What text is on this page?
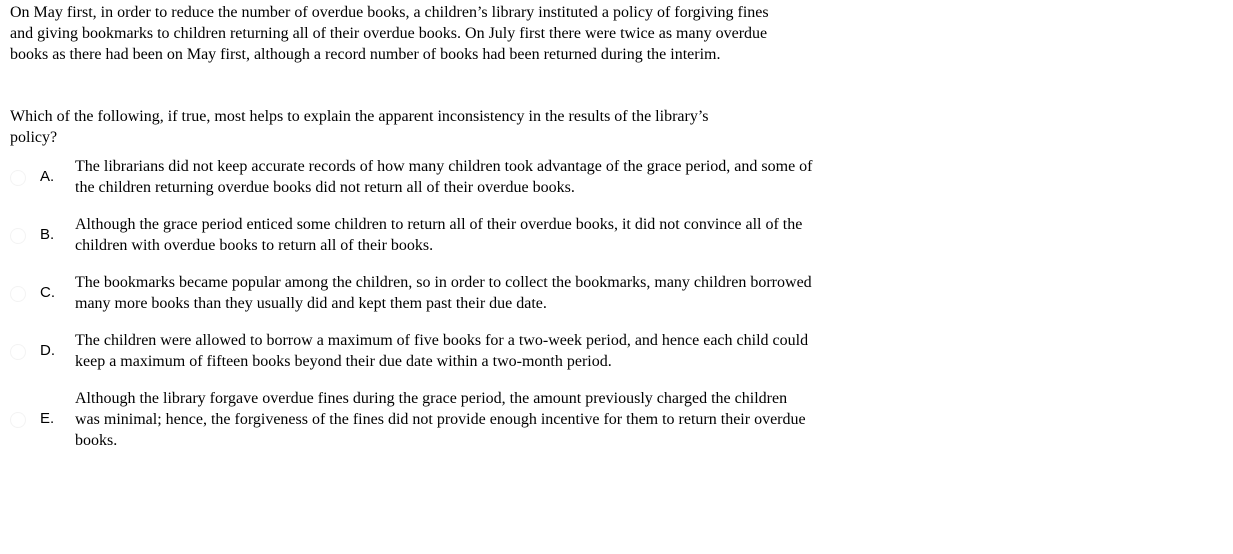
On May first, in order to reduce the number of overdue books, a children’s library instituted a policy of forgiving fines and giving bookmarks to children returning all of their overdue books. On July first there were twice as many overdue books as there had been on May first, although a record number of books had been returned during the interim.
Which of the following, if true, most helps to explain the apparent inconsistency in the results of the library’s policy?
A.
The librarians did not keep accurate records of how many children took advantage of the grace period, and some of the children returning overdue books did not return all of their overdue books.
B.
Although the grace period enticed some children to return all of their overdue books, it did not convince all of the children with overdue books to return all of their books.
C.
The bookmarks became popular among the children, so in order to collect the bookmarks, many children borrowed many more books than they usually did and kept them past their due date.
D.
The children were allowed to borrow a maximum of five books for a two-week period, and hence each child could keep a maximum of fifteen books beyond their due date within a two-month period.
E.
Although the library forgave overdue fines during the grace period, the amount previously charged the children was minimal; hence, the forgiveness of the fines did not provide enough incentive for them to return their overdue books.
